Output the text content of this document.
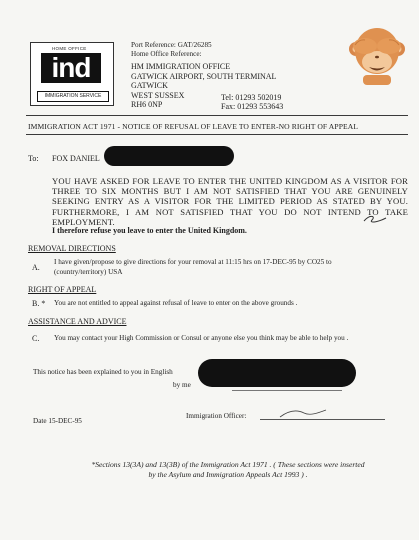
HOME OFFICE
ind
IMMIGRATION SERVICE
Port Reference: GAT/26285
Home Office Reference:
HM IMMIGRATION OFFICE
GATWICK AIRPORT, SOUTH TERMINAL
GATWICK
WEST SUSSEX
RH6 0NP
Tel: 01293 502019
Fax: 01293 553643
IMMIGRATION ACT 1971 - NOTICE OF REFUSAL OF LEAVE TO ENTER-NO RIGHT OF APPEAL
To: FOX DANIEL
YOU HAVE ASKED FOR LEAVE TO ENTER THE UNITED KINGDOM AS A VISITOR FOR THREE TO SIX MONTHS BUT I AM NOT SATISFIED THAT YOU ARE GENUINELY SEEKING ENTRY AS A VISITOR FOR THE LIMITED PERIOD AS STATED BY YOU. FURTHERMORE, I AM NOT SATISFIED THAT YOU DO NOT INTEND TO TAKE EMPLOYMENT.
I therefore refuse you leave to enter the United Kingdom.
REMOVAL DIRECTIONS
A.
I have given/propose to give directions for your removal at 11:15 hrs on 17-DEC-95 by CO25 to
(country/territory) USA
RIGHT OF APPEAL
B. * You are not entitled to appeal against refusal of leave to enter on the above grounds .
ASSISTANCE AND ADVICE
C. You may contact your High Commission or Consul or anyone else you think may be able to help you .
This notice has been explained to you in English
by me
Date 15-DEC-95
Immigration Officer:
*Sections 13(3A) and 13(3B) of the Immigration Act 1971 . ( These sections were inserted by the Asylum and Immigration Appeals Act 1993 ) .
